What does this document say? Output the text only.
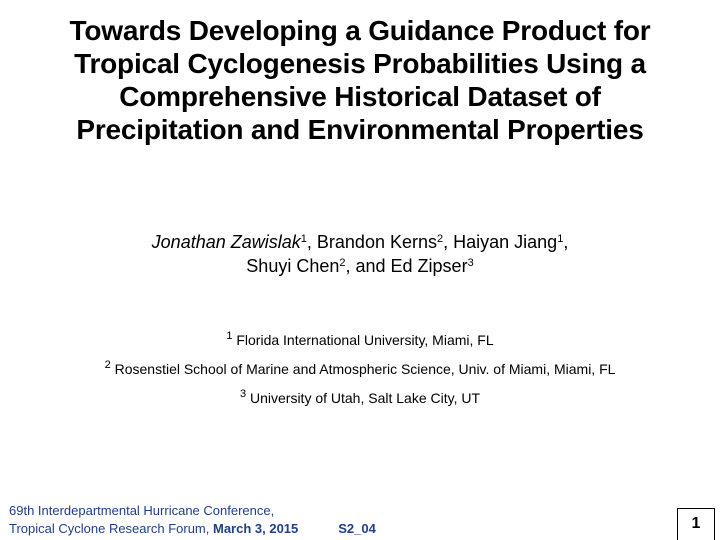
Towards Developing a Guidance Product for
Tropical Cyclogenesis Probabilities Using a
Comprehensive Historical Dataset of
Precipitation and Environmental Properties
Jonathan Zawislak$^1$, Brandon Kerns$^2$, Haiyan Jiang$^1$,
Shuyi Chen$^2$, and Ed Zipser$^3$
$^1$ Florida International University, Miami, FL
$^2$ Rosenstiel School of Marine and Atmospheric Science, Univ. of Miami, Miami, FL
$^3$ University of Utah, Salt Lake City, UT
69th Interdepartmental Hurricane Conference,
Tropical Cyclone Research Forum, March 3, 2015	S2_04	1
